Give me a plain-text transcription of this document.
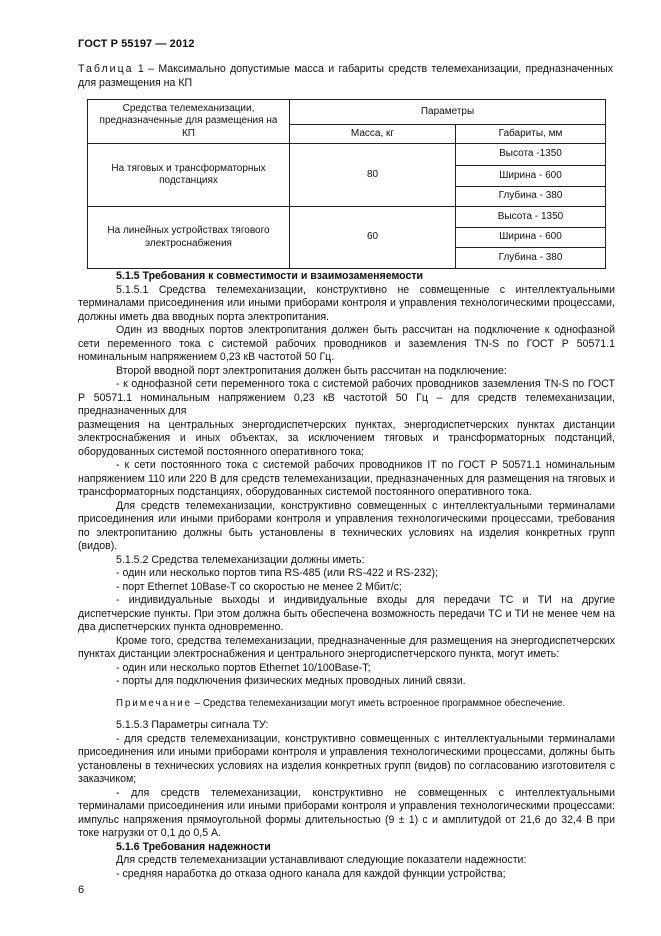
ГОСТ Р 55197 — 2012
Таблица 1 – Максимально допустимые масса и габариты средств телемеханизации, предназначенных для размещения на КП
Средства телемеханизации, предназначенные для размещения на КП	Параметры	
	Масса, кг	Габариты, мм
На тяговых и трансформаторных подстанциях	80	Высота -1350
		Ширина - 600
		Глубина - 380
На линейных устройствах тягового электроснабжения	60	Высота - 1350
		Ширина - 600
		Глубина - 380

5.1.5 Требования к совместимости и взаимозаменяемости

5.1.5.1 Средства телемеханизации, конструктивно не совмещенные с интеллектуальными терминалами присоединения или иными приборами контроля и управления технологическими процессами, должны иметь два вводных порта электропитания.

Один из вводных портов электропитания должен быть рассчитан на подключение к однофазной сети переменного тока с системой рабочих проводников и заземления TN-S по ГОСТ Р 50571.1 номинальным напряжением 0,23 кВ частотой 50 Гц.

Второй вводной порт электропитания должен быть рассчитан на подключение:

- к однофазной сети переменного тока с системой рабочих проводников заземления TN-S по ГОСТ Р 50571.1 номинальным напряжением 0,23 кВ частотой 50 Гц – для средств телемеханизации, предназначенных для

размещения на центральных энергодиспетчерских пунктах, энергодиспетчерских пунктах дистанции электроснабжения и иных объектах, за исключением тяговых и трансформаторных подстанций, оборудованных системой постоянного оперативного тока;

- к сети постоянного тока с системой рабочих проводников IT по ГОСТ Р 50571.1 номинальным напряжением 110 или 220 В для средств телемеханизации, предназначенных для размещения на тяговых и трансформаторных подстанциях, оборудованных системой постоянного оперативного тока.

Для средств телемеханизации, конструктивно совмещенных с интеллектуальными терминалами присоединения или иными приборами контроля и управления технологическими процессами, требования по электропитанию должны быть установлены в технических условиях на изделия конкретных групп (видов).

5.1.5.2 Средства телемеханизации должны иметь:

- один или несколько портов типа RS-485 (или RS-422 и RS-232);

- порт Ethernet 10Base-T со скоростью не менее 2 Мбит/с;

- индивидуальные выходы и индивидуальные входы для передачи ТС и ТИ на другие диспетчерские пункты. При этом должна быть обеспечена возможность передачи ТС и ТИ не менее чем на два диспетчерских пункта одновременно.

Кроме того, средства телемеханизации, предназначенные для размещения на энергодиспетчерских пунктах дистанции электроснабжения и центрального энергодиспетчерского пункта, могут иметь:

- один или несколько портов Ethernet 10/100Base-T;

- порты для подключения физических медных проводных линий связи.

Примечание – Средства телемеханизации могут иметь встроенное программное обеспечение.

5.1.5.3 Параметры сигнала ТУ:

- для средств телемеханизации, конструктивно совмещенных с интеллектуальными терминалами присоединения или иными приборами контроля и управления технологическими процессами, должны быть установлены в технических условиях на изделия конкретных групп (видов) по согласованию изготовителя с заказчиком;

- для средств телемеханизации, конструктивно не совмещенных с интеллектуальными терминалами присоединения или иными приборами контроля и управления технологическими процессами: импульс напряжения прямоугольной формы длительностью (9 ± 1) с и амплитудой от 21,6 до 32,4 В при токе нагрузки от 0,1 до 0,5 А.

5.1.6 Требования надежности

Для средств телемеханизации устанавливают следующие показатели надежности:

- средняя наработка до отказа одного канала для каждой функции устройства;

6
